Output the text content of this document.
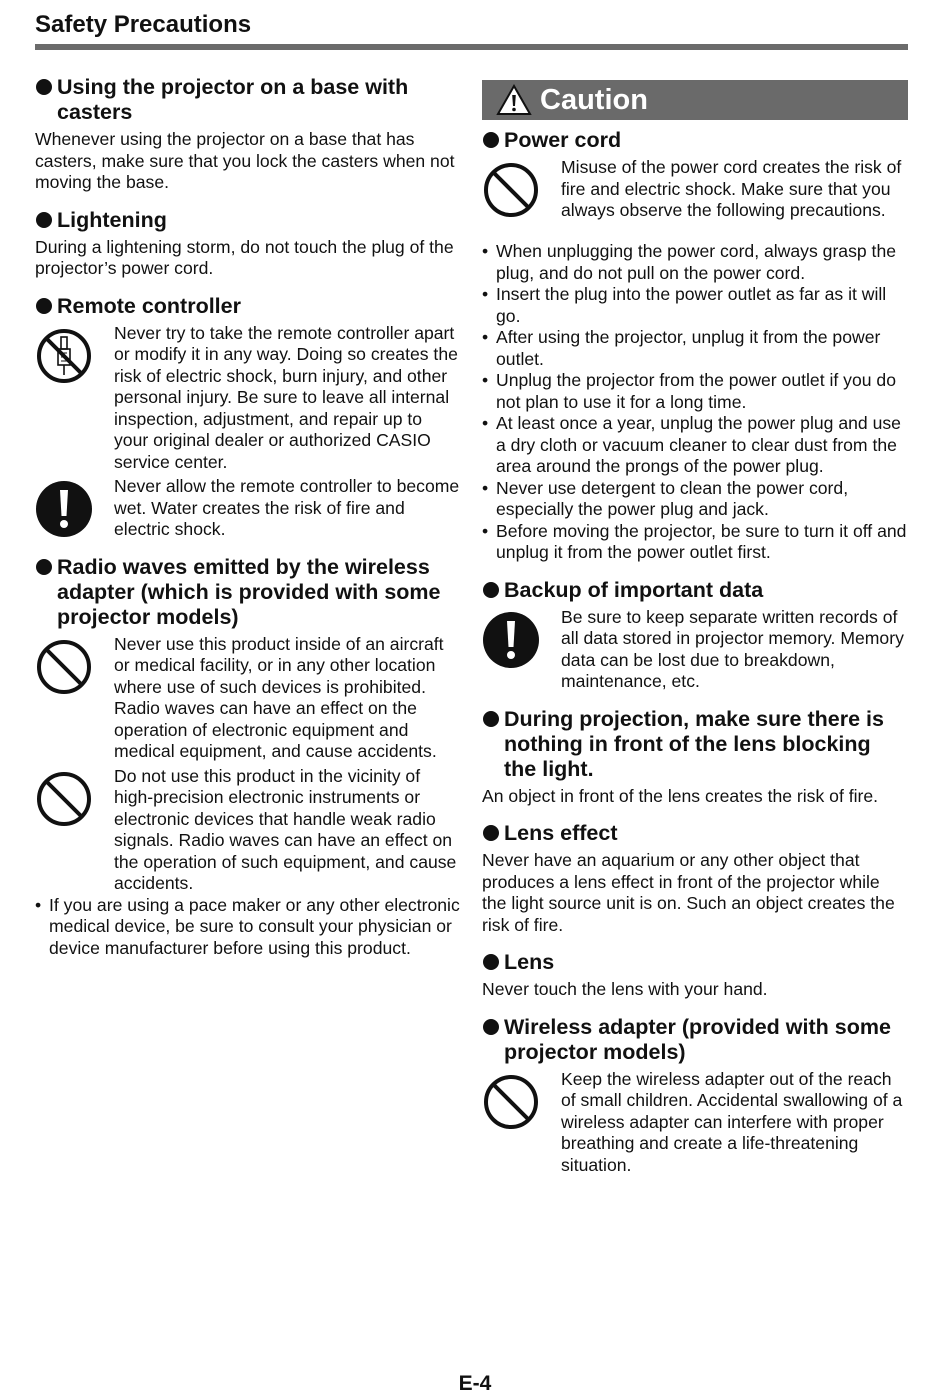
Safety Precautions
Using the projector on a base with casters

Whenever using the projector on a base that has casters, make sure that you lock the casters when not moving the base.

Lightening

During a lightening storm, do not touch the plug of the projector’s power cord.

Remote controller
Never try to take the remote controller apart or modify it in any way. Doing so creates the risk of electric shock, burn injury, and other personal injury. Be sure to leave all internal inspection, adjustment, and repair up to your original dealer or authorized CASIO service center.
Never allow the remote controller to become wet. Water creates the risk of fire and electric shock.
Radio waves emitted by the wireless adapter (which is provided with some projector models)
Never use this product inside of an aircraft or medical facility, or in any other location where use of such devices is prohibited. Radio waves can have an effect on the operation of electronic equipment and medical equipment, and cause accidents.
Do not use this product in the vicinity of high-precision electronic instruments or electronic devices that handle weak radio signals. Radio waves can have an effect on the operation of such equipment, and cause accidents.
• If you are using a pace maker or any other electronic medical device, be sure to consult your physician or device manufacturer before using this product.
Caution
Power cord
Misuse of the power cord creates the risk of fire and electric shock. Make sure that you always observe the following precautions.
• When unplugging the power cord, always grasp the plug, and do not pull on the power cord.
• Insert the plug into the power outlet as far as it will go.
• After using the projector, unplug it from the power outlet.
• Unplug the projector from the power outlet if you do not plan to use it for a long time.
• At least once a year, unplug the power plug and use a dry cloth or vacuum cleaner to clear dust from the area around the prongs of the power plug.
• Never use detergent to clean the power cord, especially the power plug and jack.
• Before moving the projector, be sure to turn it off and unplug it from the power outlet first.
Backup of important data
Be sure to keep separate written records of all data stored in projector memory. Memory data can be lost due to breakdown, maintenance, etc.
During projection, make sure there is nothing in front of the lens blocking the light.

An object in front of the lens creates the risk of fire.

Lens effect

Never have an aquarium or any other object that produces a lens effect in front of the projector while the light source unit is on. Such an object creates the risk of fire.

Lens

Never touch the lens with your hand.

Wireless adapter (provided with some projector models)
Keep the wireless adapter out of the reach of small children. Accidental swallowing of a wireless adapter can interfere with proper breathing and create a life-threatening situation.
E-4
